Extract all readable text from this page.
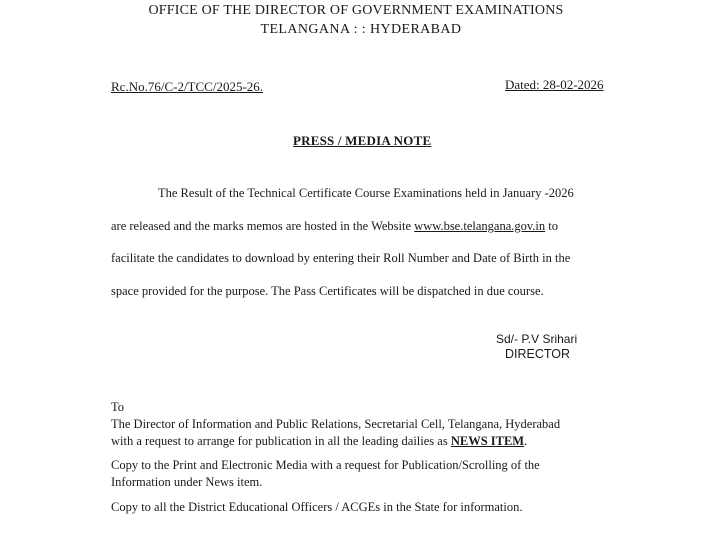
OFFICE OF THE DIRECTOR OF GOVERNMENT EXAMINATIONS
TELANGANA : : HYDERABAD
Rc.No.76/C-2/TCC/2025-26.	Dated: 28-02-2026
PRESS / MEDIA NOTE
The Result of the Technical Certificate Course Examinations held in January -2026
are released and the marks memos are hosted in the Website www.bse.telangana.gov.in to
facilitate the candidates to download by entering their Roll Number and Date of Birth in the
space provided for the purpose. The Pass Certificates will be dispatched in due course.
Sd/- P.V Srihari
DIRECTOR
To
The Director of Information and Public Relations, Secretarial Cell, Telangana, Hyderabad
with a request to arrange for publication in all the leading dailies as NEWS ITEM.
Copy to the Print and Electronic Media with a request for Publication/Scrolling of the
Information under News item.
Copy to all the District Educational Officers / ACGEs in the State for information.
